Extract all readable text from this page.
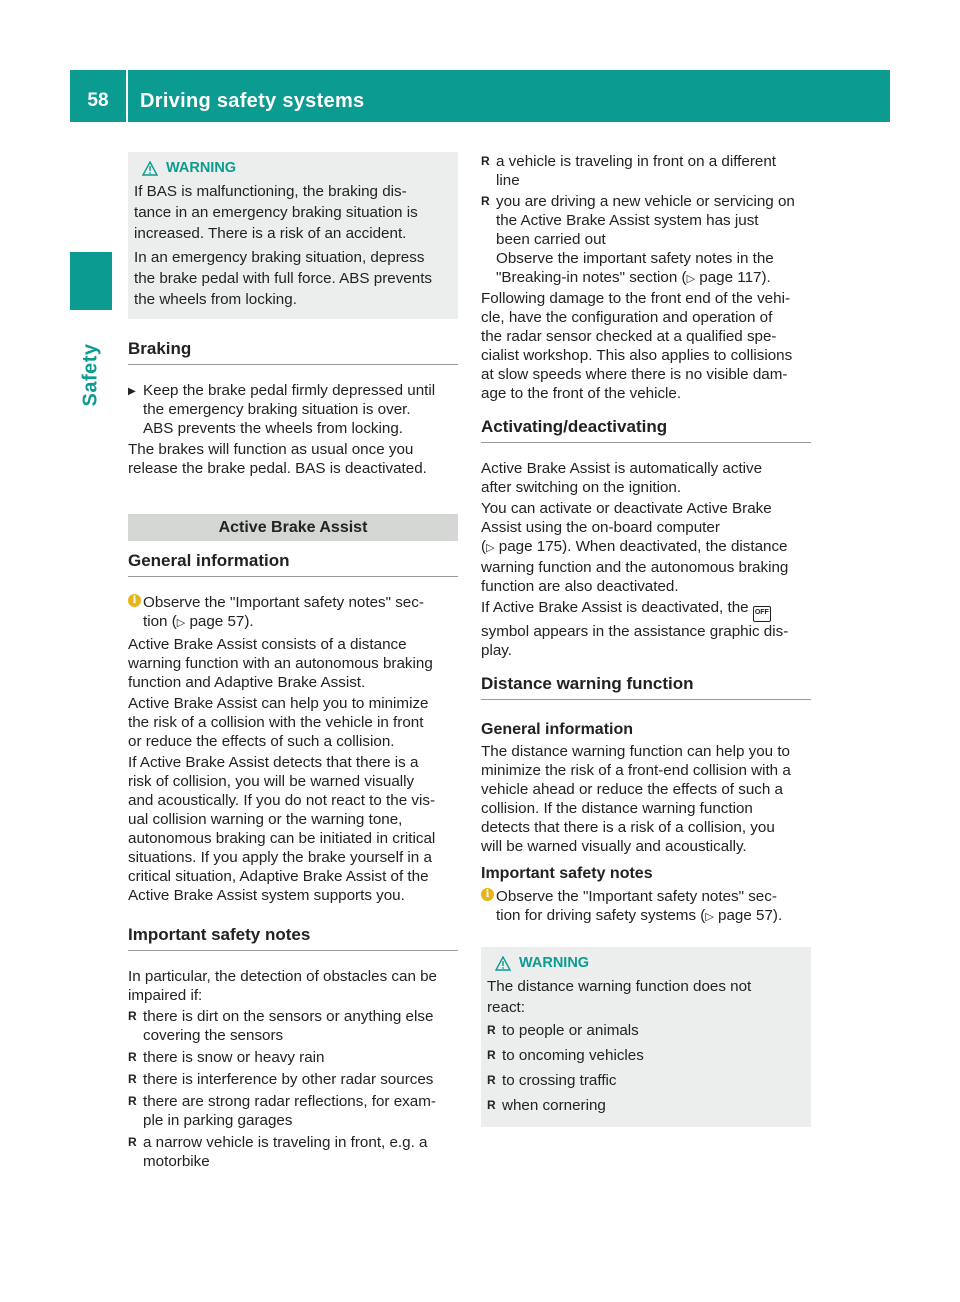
58	Driving safety systems
Safety
WARNING

If BAS is malfunctioning, the braking dis-
tance in an emergency braking situation is
increased. There is a risk of an accident.

In an emergency braking situation, depress
the brake pedal with full force. ABS prevents
the wheels from locking.

Braking
▶ Keep the brake pedal firmly depressed until
the emergency braking situation is over.
ABS prevents the wheels from locking.
The brakes will function as usual once you
release the brake pedal. BAS is deactivated.
Active Brake Assist
General information
i Observe the "Important safety notes" sec-
tion (▷ page 57).
Active Brake Assist consists of a distance
warning function with an autonomous braking
function and Adaptive Brake Assist.
Active Brake Assist can help you to minimize
the risk of a collision with the vehicle in front
or reduce the effects of such a collision.
If Active Brake Assist detects that there is a
risk of collision, you will be warned visually
and acoustically. If you do not react to the vis-
ual collision warning or the warning tone,
autonomous braking can be initiated in critical
situations. If you apply the brake yourself in a
critical situation, Adaptive Brake Assist of the
Active Brake Assist system supports you.
Important safety notes
In particular, the detection of obstacles can be
impaired if:
R there is dirt on the sensors or anything else
covering the sensors
R there is snow or heavy rain
R there is interference by other radar sources
R there are strong radar reflections, for exam-
ple in parking garages
R a narrow vehicle is traveling in front, e.g. a
motorbike
R a vehicle is traveling in front on a different
line
R you are driving a new vehicle or servicing on
the Active Brake Assist system has just
been carried out
Observe the important safety notes in the
"Breaking-in notes" section (▷ page 117).
Following damage to the front end of the vehi-
cle, have the configuration and operation of
the radar sensor checked at a qualified spe-
cialist workshop. This also applies to collisions
at slow speeds where there is no visible dam-
age to the front of the vehicle.
Activating/deactivating
Active Brake Assist is automatically active
after switching on the ignition.
You can activate or deactivate Active Brake
Assist using the on-board computer
(▷ page 175). When deactivated, the distance
warning function and the autonomous braking
function are also deactivated.
If Active Brake Assist is deactivated, the OFF
symbol appears in the assistance graphic dis-
play.
Distance warning function
General information
The distance warning function can help you to
minimize the risk of a front-end collision with a
vehicle ahead or reduce the effects of such a
collision. If the distance warning function
detects that there is a risk of a collision, you
will be warned visually and acoustically.
Important safety notes
i Observe the "Important safety notes" sec-
tion for driving safety systems (▷ page 57).
WARNING

The distance warning function does not
react:

R to people or animals
R to oncoming vehicles
R to crossing traffic
R when cornering
